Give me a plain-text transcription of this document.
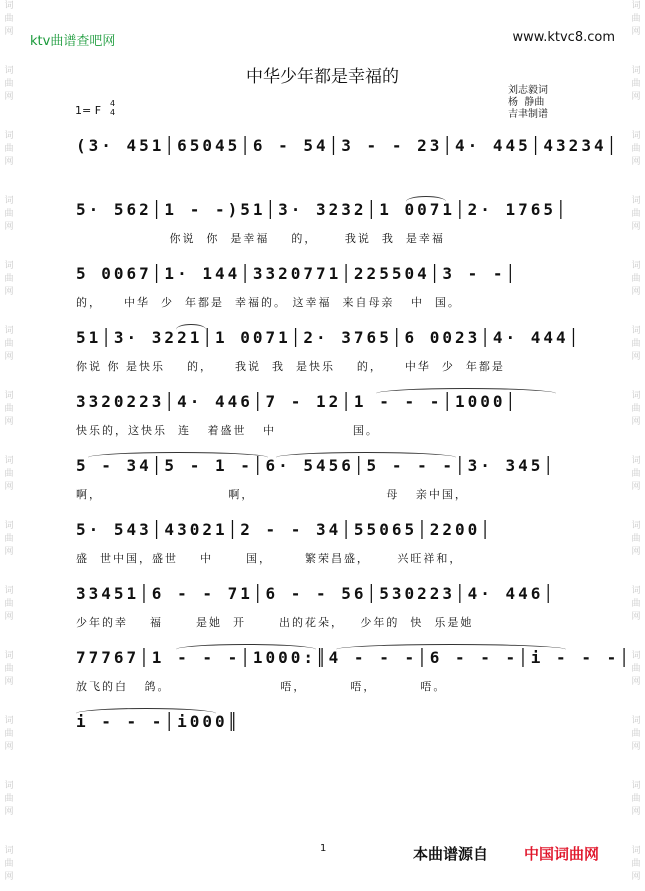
词
曲
网

词
曲
网

词
曲
网

词
曲
网

词
曲
网

词
曲
网

词
曲
网

词
曲
网

词
曲
网

词
曲
网

词
曲
网

词
曲
网

词
曲
网

词
曲
网
词
曲
网

词
曲
网

词
曲
网

词
曲
网

词
曲
网

词
曲
网

词
曲
网

词
曲
网

词
曲
网

词
曲
网

词
曲
网

词
曲
网

词
曲
网

词
曲
网
ktv曲谱查吧网	www.ktvc8.com
中华少年都是幸福的
刘志毅词
杨  静曲
吉聿制谱
1= F
4
4
(3· 451│65045│6 - 54│3 - - 23│4· 445│43234│
5· 562│1 - -)51│3· 3232│1 0071│2· 1765│
你说  你  是幸福    的，     我说  我  是幸福
5 0067│1· 144│3320771│225504│3 - -│
的，    中华  少  年都是  幸福的。 这幸福  来自母亲   中  国。
51│3· 3221│1 0071│2· 3765│6 0023│4· 444│
你说 你 是快乐    的，    我说  我  是快乐    的，    中华  少  年都是
3320223│4· 446│7 - 12│1 - - -│1000│
快乐的，这快乐  连   着盛世   中              国。
5 - 34│5 - 1 -│6· 5456│5 - - -│3· 345│
啊，                       啊，                        母   亲中国，
5· 543│43021│2 - - 34│55065│2200│
盛  世中国，盛世    中      国，      繁荣昌盛，     兴旺祥和，
33451│6 - - 71│6 - - 56│530223│4· 446│
少年的幸    福      是她  开      出的花朵，   少年的  快  乐是她
77767│1 - - -│1000:║4 - - -│6 - - -│i - - -│
放飞的白   鸽。                    唔，        唔，        唔。
i - - -│i000║
1	本曲谱源自 中国词曲网
